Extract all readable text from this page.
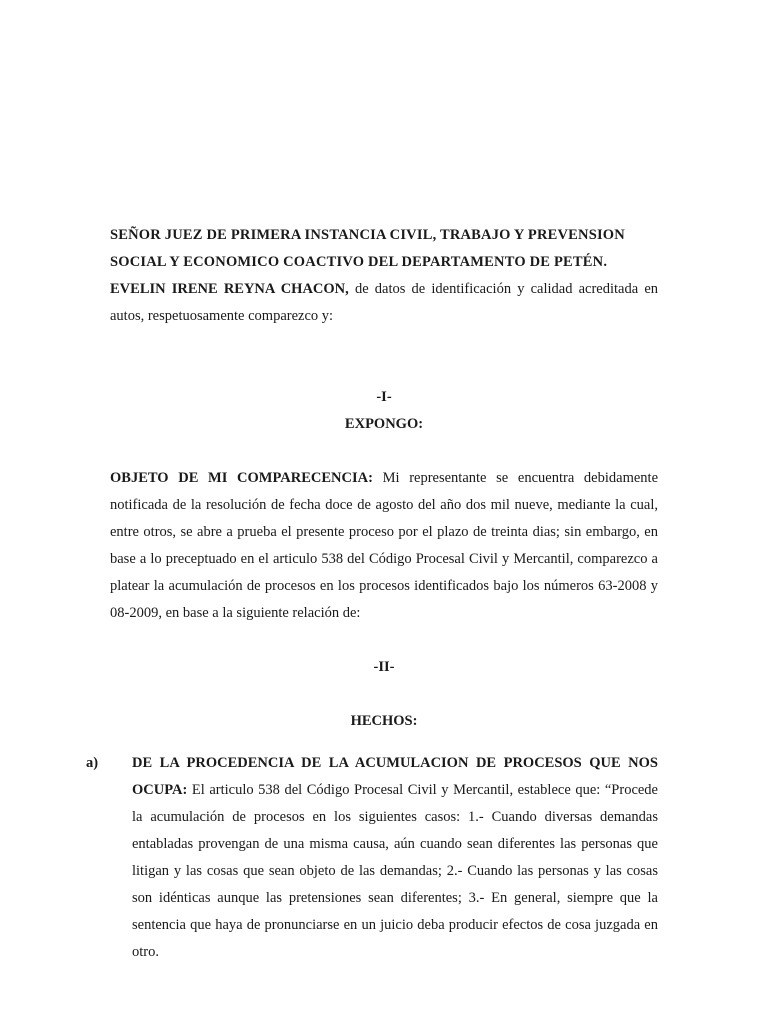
SEÑOR JUEZ DE PRIMERA INSTANCIA CIVIL, TRABAJO Y PREVENSION

SOCIAL Y ECONOMICO COACTIVO DEL DEPARTAMENTO DE PETÉN.

EVELIN IRENE REYNA CHACON, de datos de identificación y calidad acreditada en autos, respetuosamente comparezco y:

-I-

EXPONGO:

OBJETO DE MI COMPARECENCIA: Mi representante se encuentra debidamente notificada de la resolución de fecha doce de agosto del año dos mil nueve, mediante la cual, entre otros, se abre a prueba el presente proceso por el plazo de treinta dias; sin embargo, en base a lo preceptuado en el articulo 538 del Código Procesal Civil y Mercantil, comparezco a platear la acumulación de procesos en los procesos identificados bajo los números 63-2008 y 08-2009, en base a la siguiente relación de:

-II-

HECHOS:

a) DE LA PROCEDENCIA DE LA ACUMULACION DE PROCESOS QUE NOS OCUPA: El articulo 538 del Código Procesal Civil y Mercantil, establece que: “Procede la acumulación de procesos en los siguientes casos: 1.- Cuando diversas demandas entabladas provengan de una misma causa, aún cuando sean diferentes las personas que litigan y las cosas que sean objeto de las demandas; 2.- Cuando las personas y las cosas son idénticas aunque las pretensiones sean diferentes; 3.- En general, siempre que la sentencia que haya de pronunciarse en un juicio deba producir efectos de cosa juzgada en otro.
